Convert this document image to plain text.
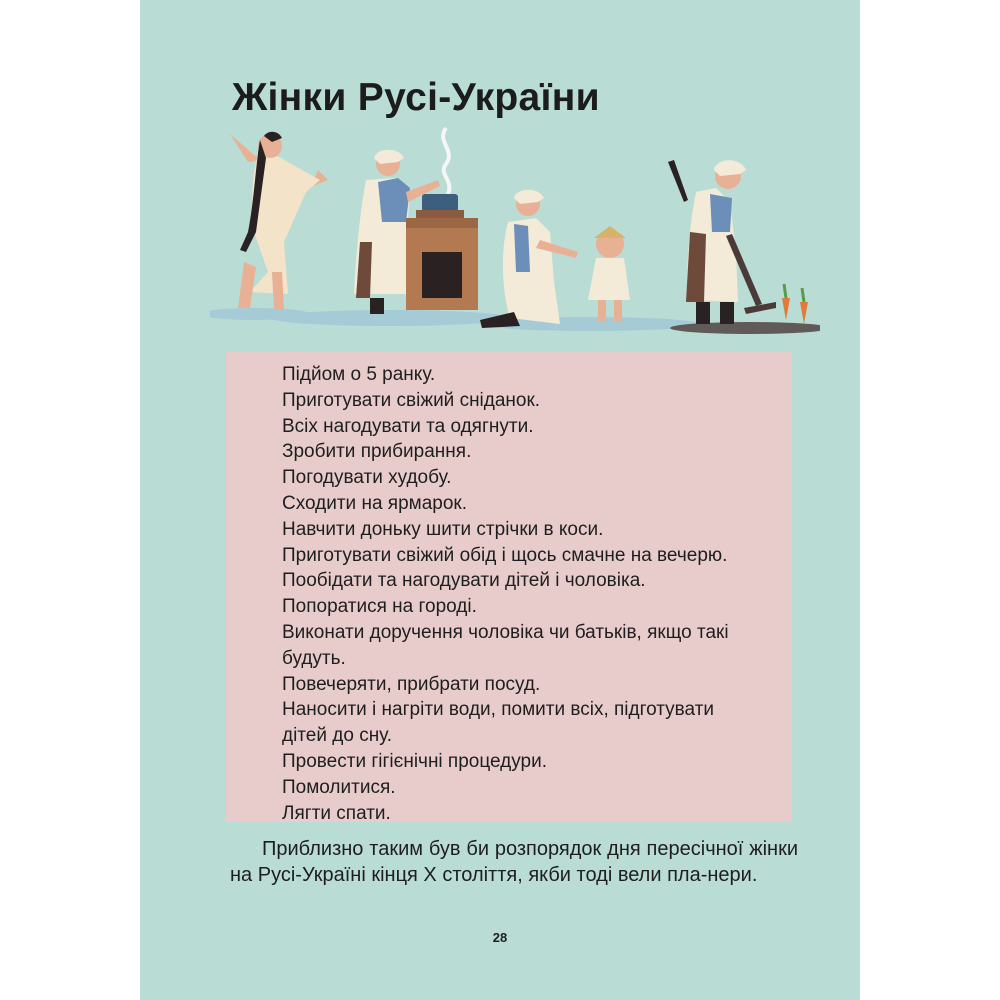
Жінки Русі-України
Підйом о 5 ранку.
Приготувати свіжий сніданок.
Всіх нагодувати та одягнути.
Зробити прибирання.
Погодувати худобу.
Сходити на ярмарок.
Навчити доньку шити стрічки в коси.
Приготувати свіжий обід і щось смачне на вечерю.
Пообідати та нагодувати дітей і чоловіка.
Попоратися на городі.
Виконати доручення чоловіка чи батьків, якщо такі
будуть.
Повечеряти, прибрати посуд.
Наносити і нагріти води, помити всіх, підготувати
дітей до сну.
Провести гігієнічні процедури.
Помолитися.
Лягти спати.

Приблизно таким був би розпорядок дня пересічної жінки на Русі-Україні кінця X століття, якби тоді вели пла-нери.

28
